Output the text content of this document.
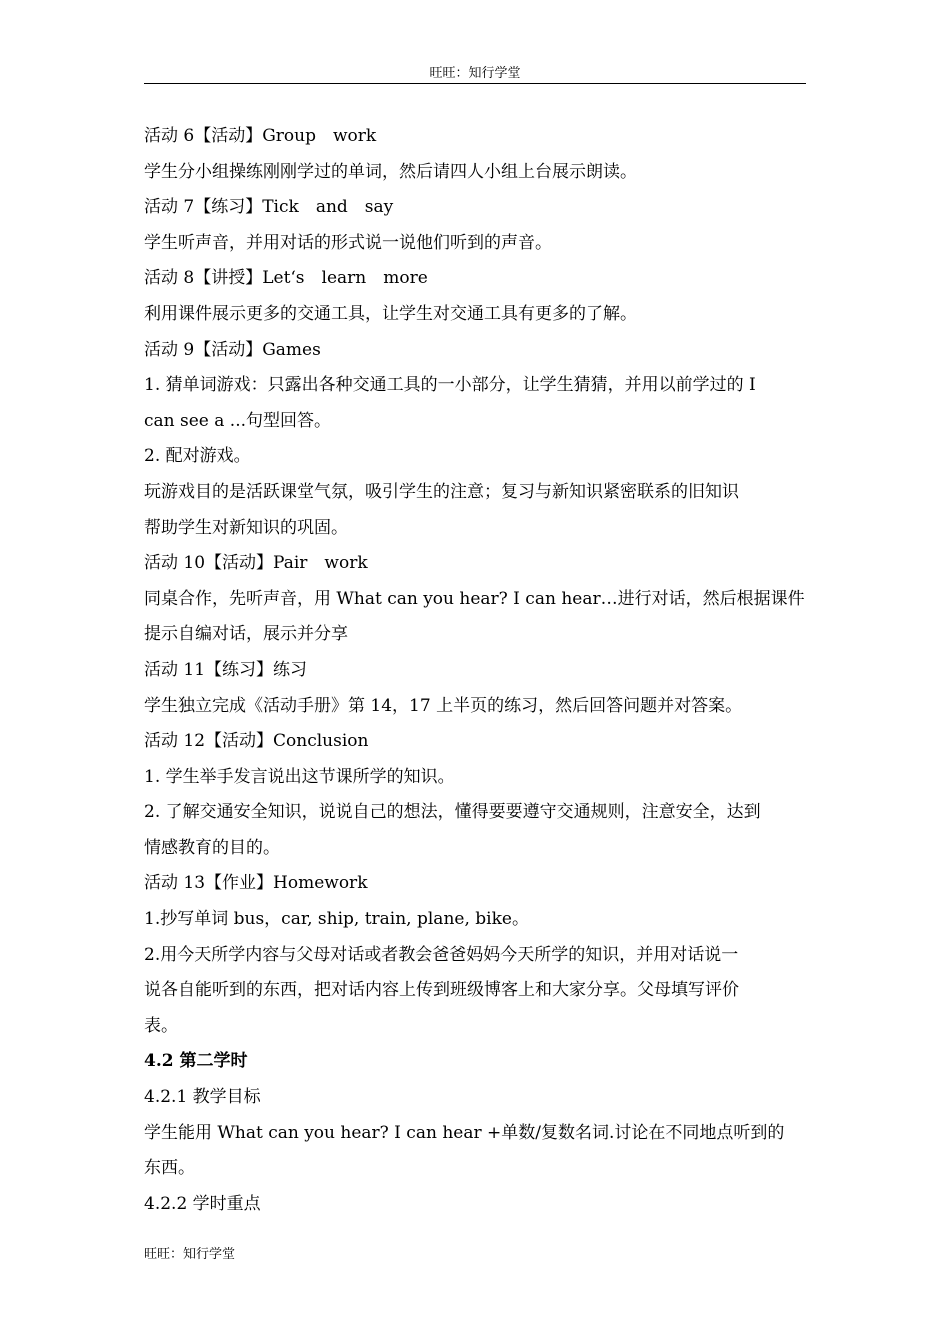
旺旺：知行学堂
活动 6【活动】Group　work
学生分小组操练刚刚学过的单词，然后请四人小组上台展示朗读。
活动 7【练习】Tick　and　say
学生听声音，并用对话的形式说一说他们听到的声音。
活动 8【讲授】Let‘s　learn　more
利用课件展示更多的交通工具，让学生对交通工具有更多的了解。
活动 9【活动】Games
1. 猜单词游戏：只露出各种交通工具的一小部分，让学生猜猜，并用以前学过的 I
can see a ...句型回答。
2. 配对游戏。
玩游戏目的是活跃课堂气氛，吸引学生的注意；复习与新知识紧密联系的旧知识
帮助学生对新知识的巩固。
活动 10【活动】Pair　work
同桌合作，先听声音，用 What can you hear? I can hear…进行对话，然后根据课件
提示自编对话，展示并分享
活动 11【练习】练习
学生独立完成《活动手册》第 14，17 上半页的练习，然后回答问题并对答案。
活动 12【活动】Conclusion
1. 学生举手发言说出这节课所学的知识。
2. 了解交通安全知识，说说自己的想法，懂得要要遵守交通规则，注意安全，达到
情感教育的目的。
活动 13【作业】Homework
1.抄写单词 bus，car, ship, train, plane, bike。
2.用今天所学内容与父母对话或者教会爸爸妈妈今天所学的知识，并用对话说一
说各自能听到的东西，把对话内容上传到班级博客上和大家分享。父母填写评价
表。
4.2 第二学时
4.2.1 教学目标
学生能用 What can you hear? I can hear +单数/复数名词.讨论在不同地点听到的
东西。
4.2.2 学时重点
旺旺：知行学堂
